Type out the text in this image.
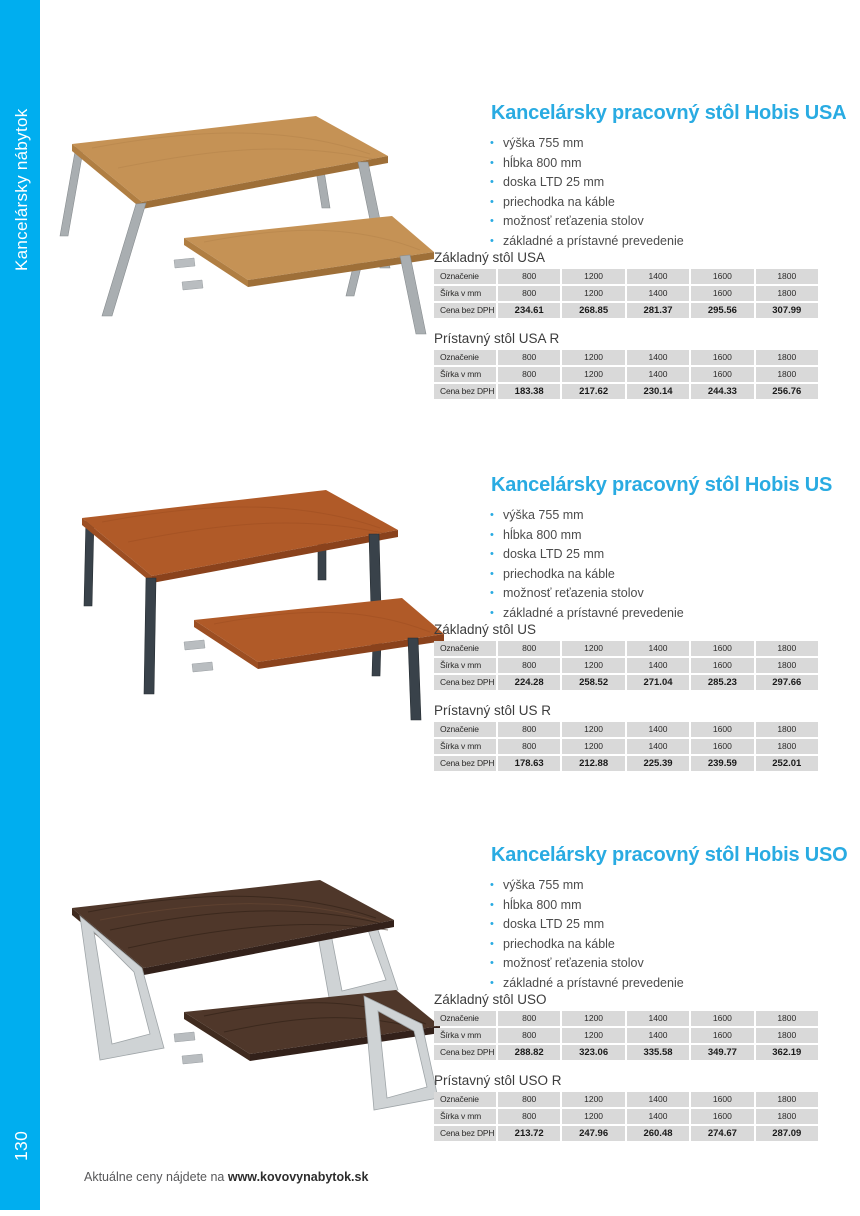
Kancelársky nábytok
130
Kancelársky pracovný stôl Hobis USA
• výška 755 mm
• hĺbka 800 mm
• doska LTD 25 mm
• priechodka na káble
• možnosť reťazenia stolov
• základné a prístavné prevedenie
Základný stôl USA
Označenie	800	1200	1400	1600	1800
Šírka v mm	800	1200	1400	1600	1800
Cena bez DPH	234.61	268.85	281.37	295.56	307.99
Prístavný stôl USA R
Označenie	800	1200	1400	1600	1800
Šírka v mm	800	1200	1400	1600	1800
Cena bez DPH	183.38	217.62	230.14	244.33	256.76
Kancelársky pracovný stôl Hobis US
• výška 755 mm
• hĺbka 800 mm
• doska LTD 25 mm
• priechodka na káble
• možnosť reťazenia stolov
• základné a prístavné prevedenie
Základný stôl US
Označenie	800	1200	1400	1600	1800
Šírka v mm	800	1200	1400	1600	1800
Cena bez DPH	224.28	258.52	271.04	285.23	297.66
Prístavný stôl US R
Označenie	800	1200	1400	1600	1800
Šírka v mm	800	1200	1400	1600	1800
Cena bez DPH	178.63	212.88	225.39	239.59	252.01
Kancelársky pracovný stôl Hobis USO
• výška 755 mm
• hĺbka 800 mm
• doska LTD 25 mm
• priechodka na káble
• možnosť reťazenia stolov
• základné a prístavné prevedenie
Základný stôl USO
Označenie	800	1200	1400	1600	1800
Šírka v mm	800	1200	1400	1600	1800
Cena bez DPH	288.82	323.06	335.58	349.77	362.19
Prístavný stôl USO R
Označenie	800	1200	1400	1600	1800
Šírka v mm	800	1200	1400	1600	1800
Cena bez DPH	213.72	247.96	260.48	274.67	287.09
Aktuálne ceny nájdete na www.kovovynabytok.sk
